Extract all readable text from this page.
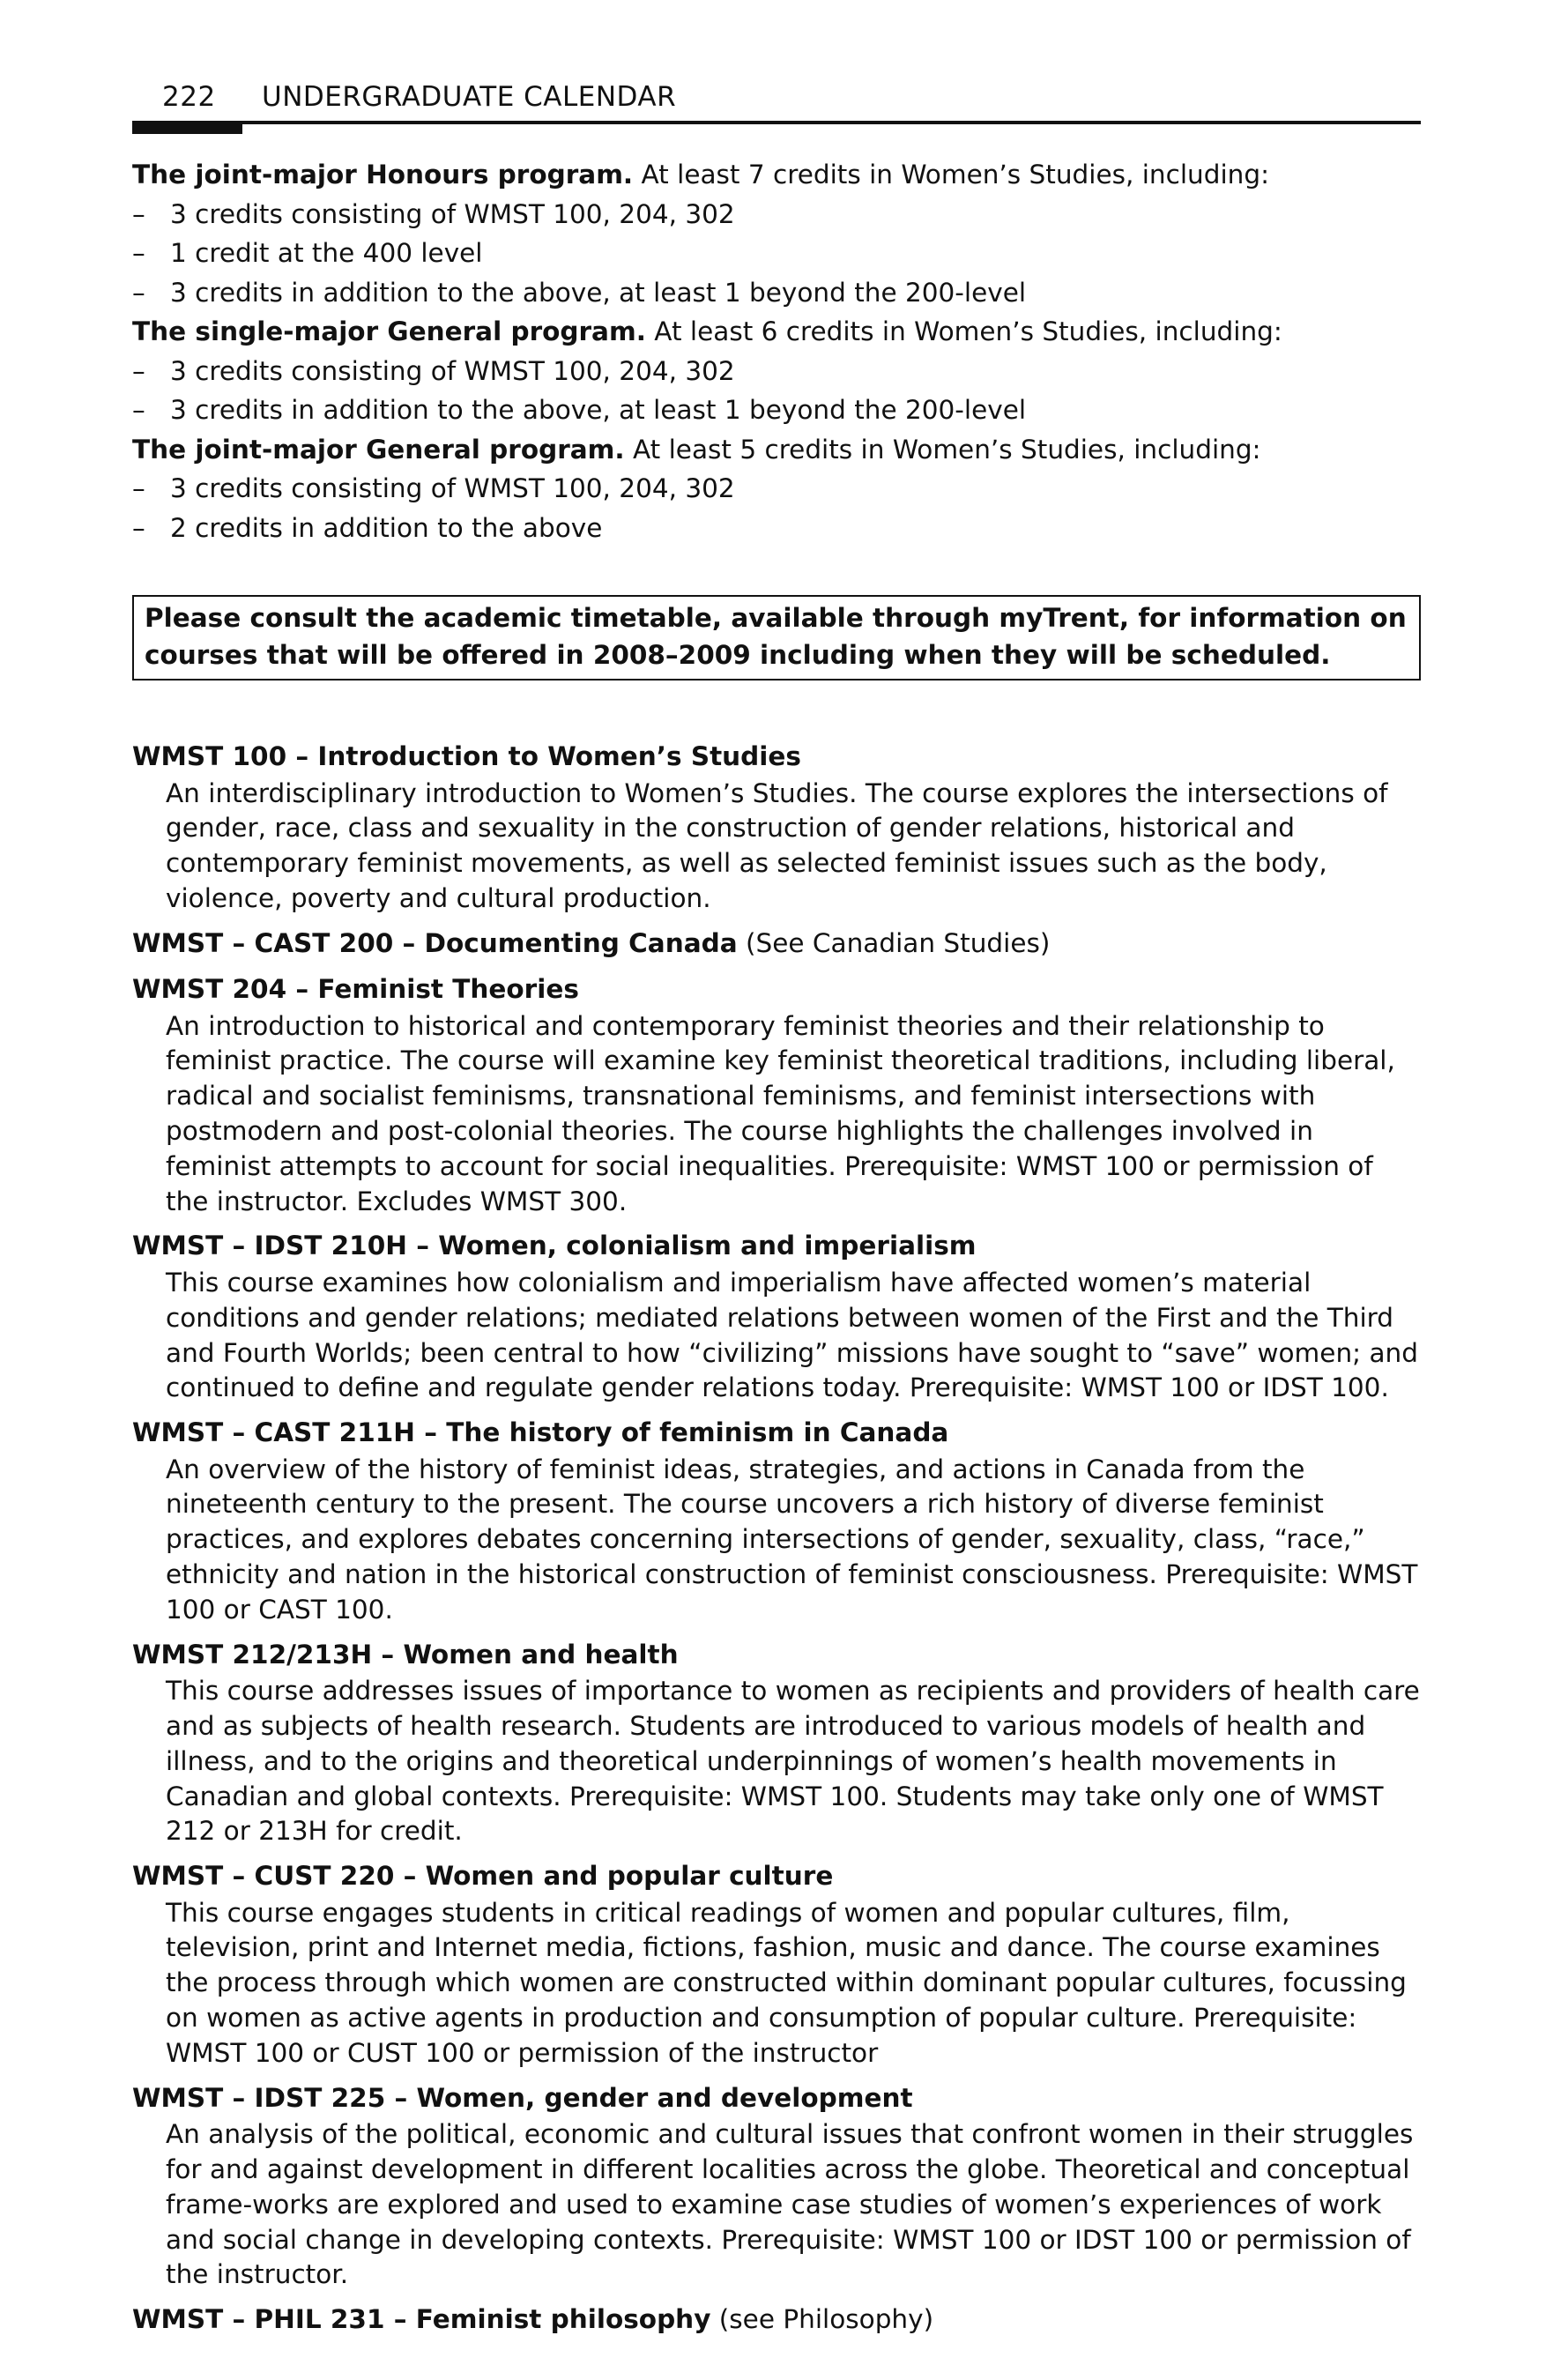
222 UNDERGRADUATE CALENDAR

The joint-major Honours program. At least 7 credits in Women’s Studies, including:

– 3 credits consisting of WMST 100, 204, 302
– 1 credit at the 400 level
– 3 credits in addition to the above, at least 1 beyond the 200-level

The single-major General program. At least 6 credits in Women’s Studies, including:

– 3 credits consisting of WMST 100, 204, 302
– 3 credits in addition to the above, at least 1 beyond the 200-level

The joint-major General program. At least 5 credits in Women’s Studies, including:

– 3 credits consisting of WMST 100, 204, 302
– 2 credits in addition to the above
Please consult the academic timetable, available through myTrent, for information on courses that will be offered in 2008–2009 including when they will be scheduled.

WMST 100 – Introduction to Women’s Studies

An interdisciplinary introduction to Women’s Studies. The course explores the intersections of gender, race, class and sexuality in the construction of gender relations, historical and contemporary feminist movements, as well as selected feminist issues such as the body, violence, poverty and cultural production.

WMST – CAST 200 – Documenting Canada (See Canadian Studies)

WMST 204 – Feminist Theories

An introduction to historical and contemporary feminist theories and their relationship to feminist practice. The course will examine key feminist theoretical traditions, including liberal, radical and socialist feminisms, transnational feminisms, and feminist intersections with postmodern and post-colonial theories. The course highlights the challenges involved in feminist attempts to account for social inequalities. Prerequisite: WMST 100 or permission of the instructor. Excludes WMST 300.

WMST – IDST 210H – Women, colonialism and imperialism

This course examines how colonialism and imperialism have affected women’s material conditions and gender relations; mediated relations between women of the First and the Third and Fourth Worlds; been central to how “civilizing” missions have sought to “save” women; and continued to define and regulate gender relations today. Prerequisite: WMST 100 or IDST 100.

WMST – CAST 211H – The history of feminism in Canada

An overview of the history of feminist ideas, strategies, and actions in Canada from the nineteenth century to the present. The course uncovers a rich history of diverse feminist practices, and explores debates concerning intersections of gender, sexuality, class, “race,” ethnicity and nation in the historical construction of feminist consciousness. Prerequisite: WMST 100 or CAST 100.

WMST 212/213H – Women and health

This course addresses issues of importance to women as recipients and providers of health care and as subjects of health research. Students are introduced to various models of health and illness, and to the origins and theoretical underpinnings of women’s health movements in Canadian and global contexts. Prerequisite: WMST 100. Students may take only one of WMST 212 or 213H for credit.

WMST – CUST 220 – Women and popular culture

This course engages students in critical readings of women and popular cultures, film, television, print and Internet media, fictions, fashion, music and dance. The course examines the process through which women are constructed within dominant popular cultures, focussing on women as active agents in production and consumption of popular culture. Prerequisite: WMST 100 or CUST 100 or permission of the instructor

WMST – IDST 225 – Women, gender and development

An analysis of the political, economic and cultural issues that confront women in their struggles for and against development in different localities across the globe. Theoretical and conceptual frame-works are explored and used to examine case studies of women’s experiences of work and social change in developing contexts. Prerequisite: WMST 100 or IDST 100 or permission of the instructor.

WMST – PHIL 231 – Feminist philosophy (see Philosophy)
